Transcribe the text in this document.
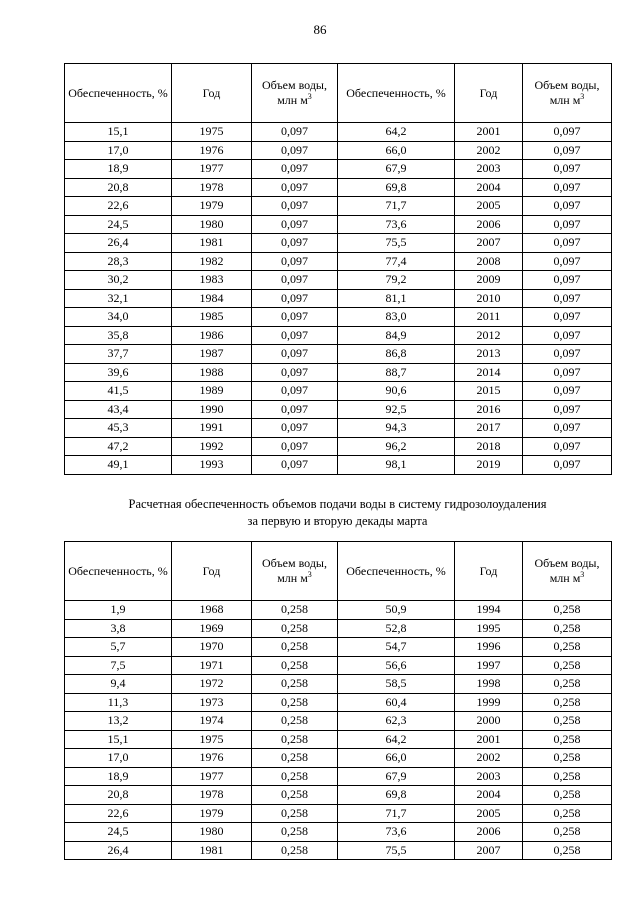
86
Обеспеченность, %	Год	Объем воды, млн $м^3$	Обеспеченность, %	Год	Объем воды, млн $м^3$
15,1	1975	0,097	64,2	2001	0,097
17,0	1976	0,097	66,0	2002	0,097
18,9	1977	0,097	67,9	2003	0,097
20,8	1978	0,097	69,8	2004	0,097
22,6	1979	0,097	71,7	2005	0,097
24,5	1980	0,097	73,6	2006	0,097
26,4	1981	0,097	75,5	2007	0,097
28,3	1982	0,097	77,4	2008	0,097
30,2	1983	0,097	79,2	2009	0,097
32,1	1984	0,097	81,1	2010	0,097
34,0	1985	0,097	83,0	2011	0,097
35,8	1986	0,097	84,9	2012	0,097
37,7	1987	0,097	86,8	2013	0,097
39,6	1988	0,097	88,7	2014	0,097
41,5	1989	0,097	90,6	2015	0,097
43,4	1990	0,097	92,5	2016	0,097
45,3	1991	0,097	94,3	2017	0,097
47,2	1992	0,097	96,2	2018	0,097
49,1	1993	0,097	98,1	2019	0,097
Расчетная обеспеченность объемов подачи воды в систему гидрозолоудаления
за первую и вторую декады марта
Обеспеченность, %	Год	Объем воды, млн $м^3$	Обеспеченность, %	Год	Объем воды, млн $м^3$
1,9	1968	0,258	50,9	1994	0,258
3,8	1969	0,258	52,8	1995	0,258
5,7	1970	0,258	54,7	1996	0,258
7,5	1971	0,258	56,6	1997	0,258
9,4	1972	0,258	58,5	1998	0,258
11,3	1973	0,258	60,4	1999	0,258
13,2	1974	0,258	62,3	2000	0,258
15,1	1975	0,258	64,2	2001	0,258
17,0	1976	0,258	66,0	2002	0,258
18,9	1977	0,258	67,9	2003	0,258
20,8	1978	0,258	69,8	2004	0,258
22,6	1979	0,258	71,7	2005	0,258
24,5	1980	0,258	73,6	2006	0,258
26,4	1981	0,258	75,5	2007	0,258
